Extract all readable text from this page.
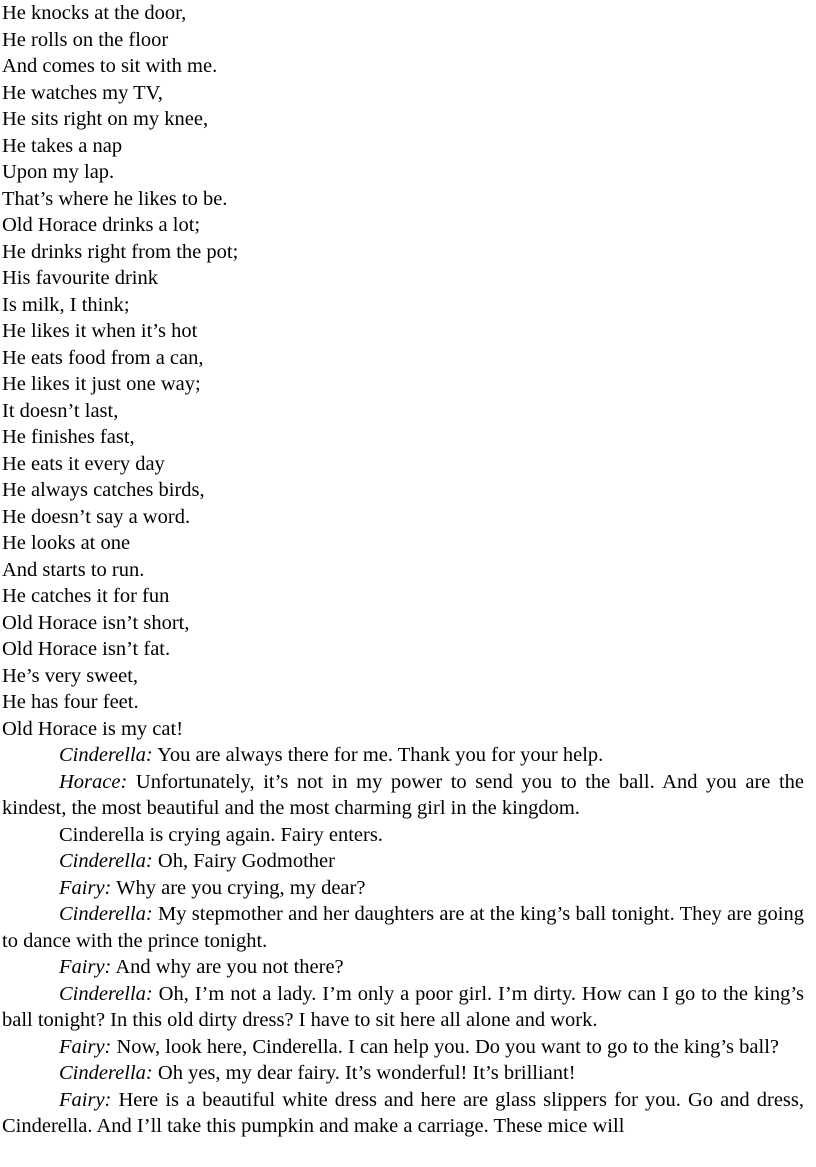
He knocks at the door,
He rolls on the floor
And comes to sit with me.
He watches my TV,
He sits right on my knee,
He takes a nap
Upon my lap.
That’s where he likes to be.
Old Horace drinks a lot;
He drinks right from the pot;
His favourite drink
Is milk, I think;
He likes it when it’s hot
He eats food from a can,
He likes it just one way;
It doesn’t last,
He finishes fast,
He eats it every day
He always catches birds,
He doesn’t say a word.
He looks at one
And starts to run.
He catches it for fun
Old Horace isn’t short,
Old Horace isn’t fat.
He’s very sweet,
He has four feet.
Old Horace is my cat!
Cinderella: You are always there for me. Thank you for your help.
Horace: Unfortunately, it’s not in my power to send you to the ball. And you are the kindest, the most beautiful and the most charming girl in the kingdom.
Cinderella is crying again. Fairy enters.
Cinderella: Oh, Fairy Godmother
Fairy: Why are you crying, my dear?
Cinderella: My stepmother and her daughters are at the king’s ball tonight. They are going to dance with the prince tonight.
Fairy: And why are you not there?
Cinderella: Oh, I’m not a lady. I’m only a poor girl. I’m dirty. How can I go to the king’s ball tonight? In this old dirty dress? I have to sit here all alone and work.
Fairy: Now, look here, Cinderella. I can help you. Do you want to go to the king’s ball?
Cinderella: Oh yes, my dear fairy. It’s wonderful! It’s brilliant!
Fairy: Here is a beautiful white dress and here are glass slippers for you. Go and dress, Cinderella. And I’ll take this pumpkin and make a carriage. These mice will
